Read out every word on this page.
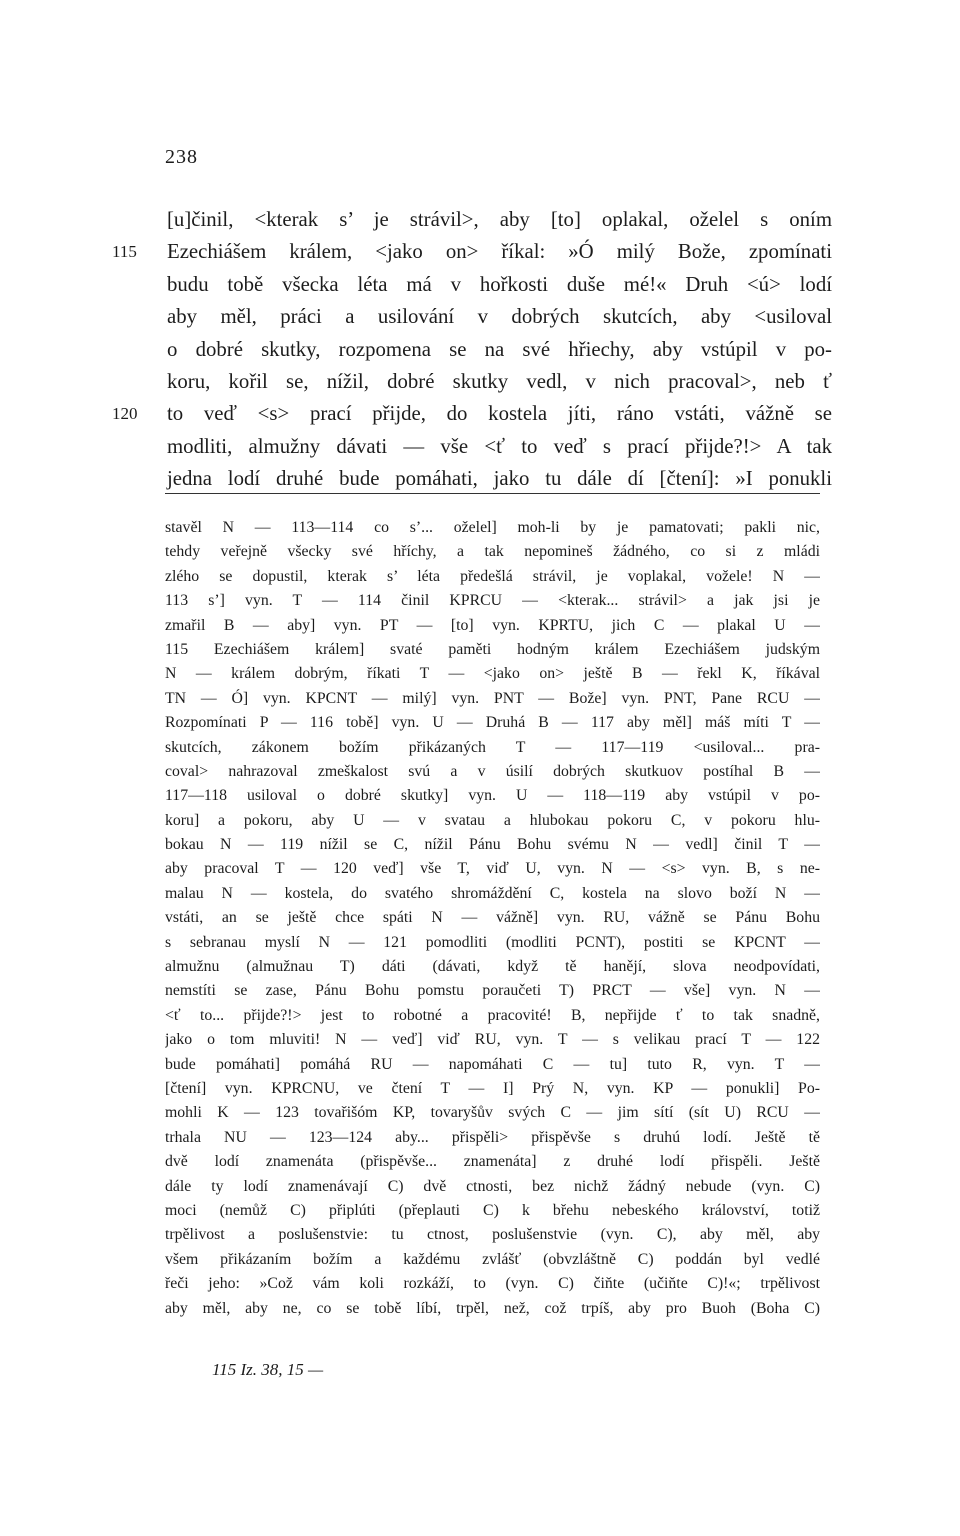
238
[u]činil, <kterak s’ je strávil>, aby [to] oplakal, oželel s oním
115	Ezechiášem králem, <jako on> říkal: »Ó milý Bože, zpomínati
budu tobě všecka léta má v hořkosti duše mé!« Druh <ú> lodí
aby měl, práci a usilování v dobrých skutcích, aby <usiloval
o dobré skutky, rozpomena se na své hřiechy, aby vstúpil v po-
koru, kořil se, nížil, dobré skutky vedl, v nich pracoval>, neb ť
120	to veď <s> prací přijde, do kostela jíti, ráno vstáti, vážně se
modliti, almužny dávati — vše <ť to veď s prací přijde?!> A tak
jedna lodí druhé bude pomáhati, jako tu dále dí [čtení]: »I ponukli
stavěl N — 113—114 co s’... oželel] moh-li by je pamatovati; pakli nic,
tehdy veřejně všecky své hříchy, a tak nepomineš žádného, co si z mládi
zlého se dopustil, kterak s’ léta předešlá strávil, je voplakal, vožele! N —
113 s’] vyn. T — 114 činil KPRCU — <kterak... strávil> a jak jsi je
zmařil B — aby] vyn. PT — [to] vyn. KPRTU, jich C — plakal U —
115 Ezechiášem králem] svaté paměti hodným králem Ezechiášem judským
N — králem dobrým, říkati T — <jako on> ještě B — řekl K, říkával
TN — Ó] vyn. KPCNT — milý] vyn. PNT — Bože] vyn. PNT, Pane RCU —
Rozpomínati P — 116 tobě] vyn. U — Druhá B — 117 aby měl] máš míti T —
skutcích, zákonem božím přikázaných T — 117—119 <usiloval... pra-
coval> nahrazoval zmeškalost svú a v úsilí dobrých skutkuov postíhal B —
117—118 usiloval o dobré skutky] vyn. U — 118—119 aby vstúpil v po-
koru] a pokoru, aby U — v svatau a hlubokau pokoru C, v pokoru hlu-
bokau N — 119 nížil se C, nížil Pánu Bohu svému N — vedl] činil T —
aby pracoval T — 120 veď] vše T, viď U, vyn. N — <s> vyn. B, s ne-
malau N — kostela, do svatého shromáždění C, kostela na slovo boží N —
vstáti, an se ještě chce spáti N — vážně] vyn. RU, vážně se Pánu Bohu
s sebranau myslí N — 121 pomodliti (modliti PCNT), postiti se KPCNT —
almužnu (almužnau T) dáti (dávati, když tě hanějí, slova neodpovídati,
nemstíti se zase, Pánu Bohu pomstu poraučeti T) PRCT — vše] vyn. N —
<ť to... přijde?!> jest to robotné a pracovité! B, nepřijde ť to tak snadně,
jako o tom mluviti! N — veď] viď RU, vyn. T — s velikau prací T — 122
bude pomáhati] pomáhá RU — napomáhati C — tu] tuto R, vyn. T —
[čtení] vyn. KPRCNU, ve čtení T — I] Prý N, vyn. KP — ponukli] Po-
mohli K — 123 tovařišóm KP, tovaryšův svých C — jim sítí (sít U) RCU —
trhala NU — 123—124 aby... přispěli> přispěvše s druhú lodí. Ještě tě
dvě lodí znamenáta (přispěvše... znamenáta] z druhé lodí přispěli. Ještě
dále ty lodí znamenávají C) dvě ctnosti, bez nichž žádný nebude (vyn. C)
moci (nemůž C) připlúti (přeplauti C) k břehu nebeského království, totiž
trpělivost a poslušenstvie: tu ctnost, poslušenstvie (vyn. C), aby měl, aby
všem přikázaním božím a každému zvlášť (obvzláštně C) poddán byl vedlé
řeči jeho: »Což vám koli rozkáží, to (vyn. C) čiňte (učiňte C)!«; trpělivost
aby měl, aby ne, co se tobě líbí, trpěl, než, což trpíš, aby pro Buoh (Boha C)
115 Iz. 38, 15 —
